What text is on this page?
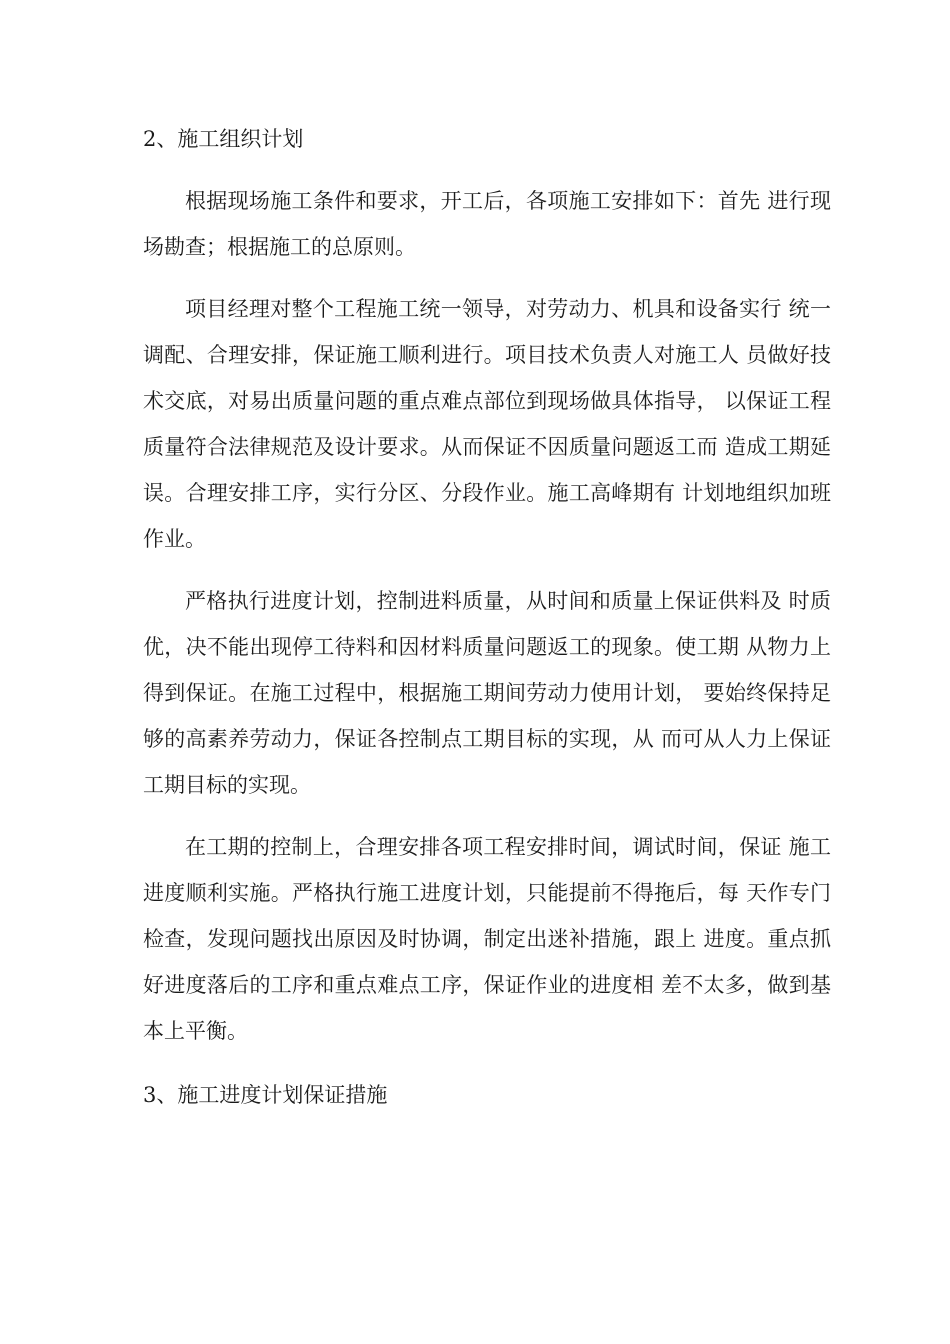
2、施工组织计划

根据现场施工条件和要求，开工后，各项施工安排如下：首先 进行现场勘查；根据施工的总原则。

项目经理对整个工程施工统一领导，对劳动力、机具和设备实行 统一调配、合理安排，保证施工顺利进行。项目技术负责人对施工人 员做好技术交底，对易出质量问题的重点难点部位到现场做具体指导， 以保证工程质量符合法律规范及设计要求。从而保证不因质量问题返工而 造成工期延误。合理安排工序，实行分区、分段作业。施工高峰期有 计划地组织加班作业。

严格执行进度计划，控制进料质量，从时间和质量上保证供料及 时质优，决不能出现停工待料和因材料质量问题返工的现象。使工期 从物力上得到保证。在施工过程中，根据施工期间劳动力使用计划， 要始终保持足够的高素养劳动力，保证各控制点工期目标的实现，从 而可从人力上保证工期目标的实现。

在工期的控制上，合理安排各项工程安排时间，调试时间，保证 施工进度顺利实施。严格执行施工进度计划，只能提前不得拖后，每 天作专门检查，发现问题找出原因及时协调，制定出迷补措施，跟上 进度。重点抓好进度落后的工序和重点难点工序，保证作业的进度相 差不太多，做到基本上平衡。

3、施工进度计划保证措施
